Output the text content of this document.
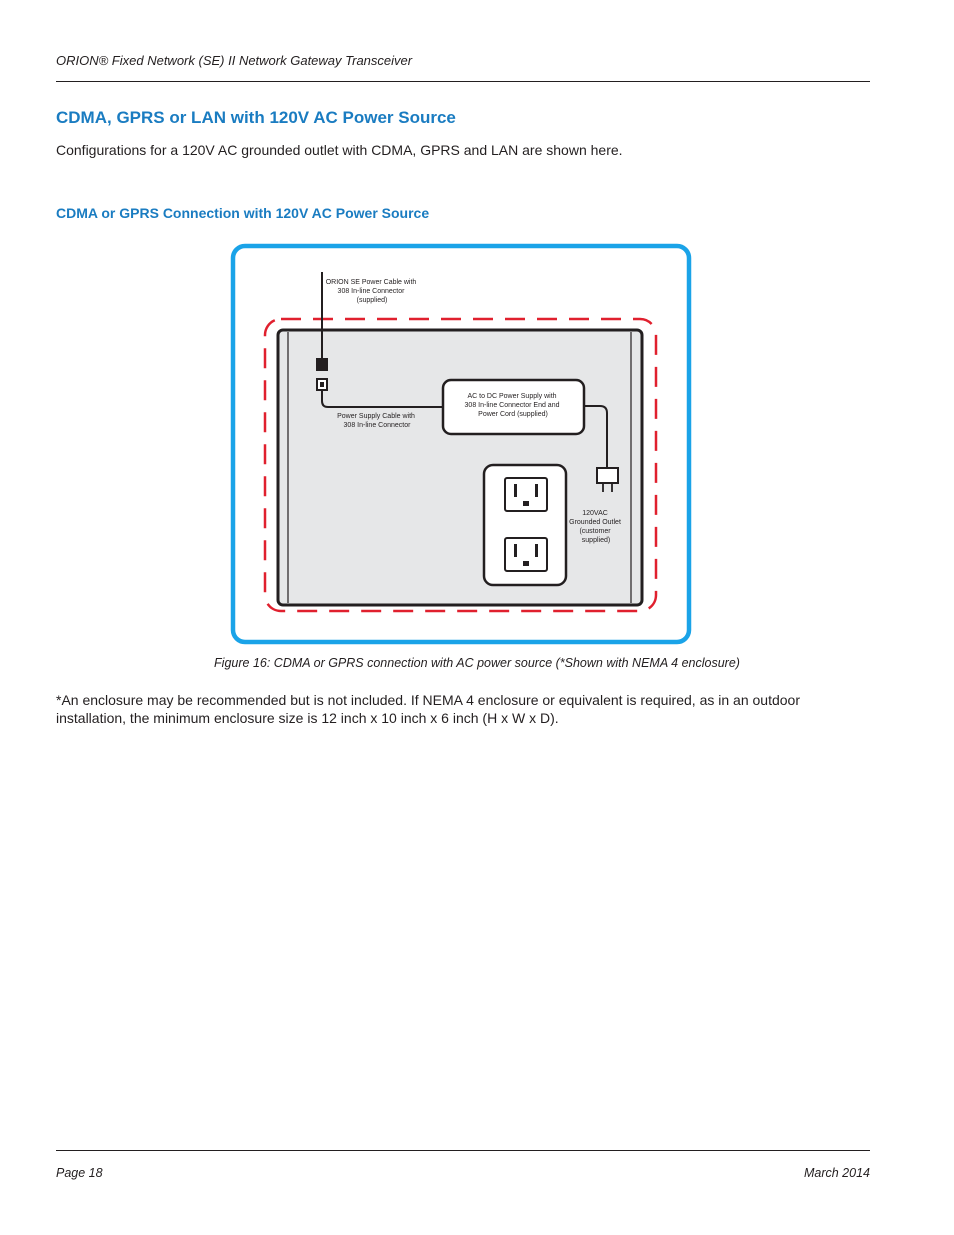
ORION® Fixed Network (SE) II Network Gateway Transceiver
CDMA, GPRS or LAN with 120V AC Power Source
Configurations for a 120V AC grounded outlet with CDMA, GPRS and LAN are shown here.
CDMA or GPRS Connection with 120V AC Power Source
ORION SE Power Cable with 308 In-line Connector (supplied)
Power Supply Cable with 308 In-line Connector
AC to DC Power Supply with 308 In-line Connector End and Power Cord (supplied)
120VAC Grounded Outlet (customer supplied)
Figure 16: CDMA or GPRS connection with AC power source (*Shown with NEMA 4 enclosure)
*An enclosure may be recommended but is not included. If NEMA 4 enclosure or equivalent is required, as in an outdoor installation, the minimum enclosure size is 12 inch x 10 inch x 6 inch (H x W x D).
Page 18	March 2014
